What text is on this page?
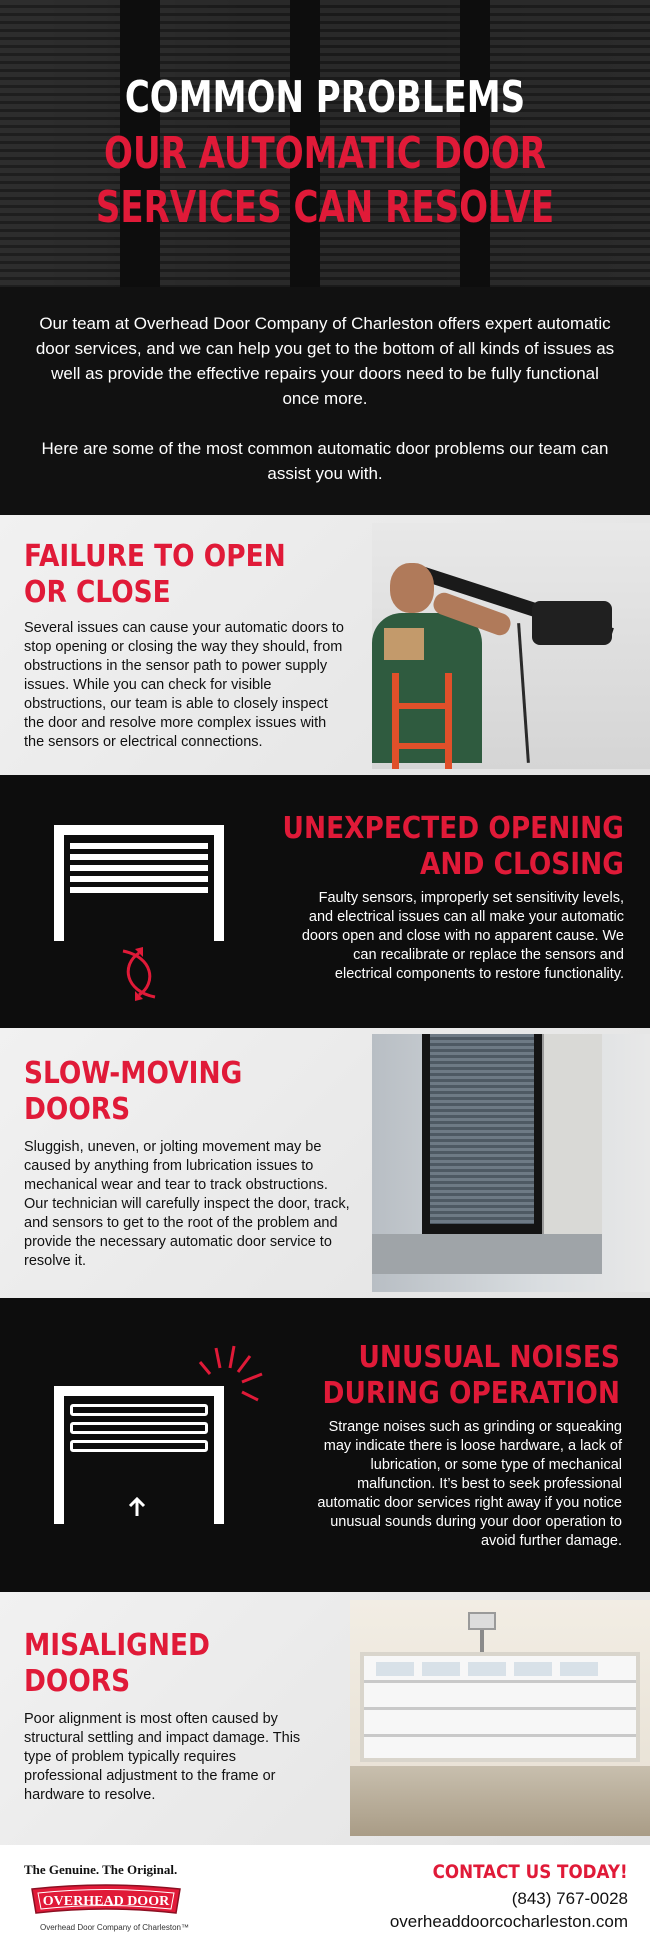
COMMON PROBLEMS
OUR AUTOMATIC DOOR
SERVICES CAN RESOLVE

Our team at Overhead Door Company of Charleston offers expert automatic door services, and we can help you get to the bottom of all kinds of issues as well as provide the effective repairs your doors need to be fully functional once more.

Here are some of the most common automatic door problems our team can assist you with.

FAILURE TO OPEN
OR CLOSE
Several issues can cause your automatic doors to stop opening or closing the way they should, from obstructions in the sensor path to power supply issues. While you can check for visible obstructions, our team is able to closely inspect the door and resolve more complex issues with the sensors or electrical connections.
UNEXPECTED OPENING
AND CLOSING
Faulty sensors, improperly set sensitivity levels, and electrical issues can all make your automatic doors open and close with no apparent cause. We can recalibrate or replace the sensors and electrical components to restore functionality.
SLOW-MOVING
DOORS
Sluggish, uneven, or jolting movement may be caused by anything from lubrication issues to mechanical wear and tear to track obstructions. Our technician will carefully inspect the door, track, and sensors to get to the root of the problem and provide the necessary automatic door service to resolve it.
UNUSUAL NOISES
DURING OPERATION
Strange noises such as grinding or squeaking may indicate there is loose hardware, a lack of lubrication, or some type of mechanical malfunction. It’s best to seek professional automatic door services right away if you notice unusual sounds during your door operation to avoid further damage.
MISALIGNED
DOORS
Poor alignment is most often caused by structural settling and impact damage. This type of problem typically requires professional adjustment to the frame or hardware to resolve.
The Genuine. The Original.
OVERHEAD DOOR
Overhead Door Company of Charleston™
CONTACT US TODAY!
(843) 767-0028
overheaddoorcocharleston.com
